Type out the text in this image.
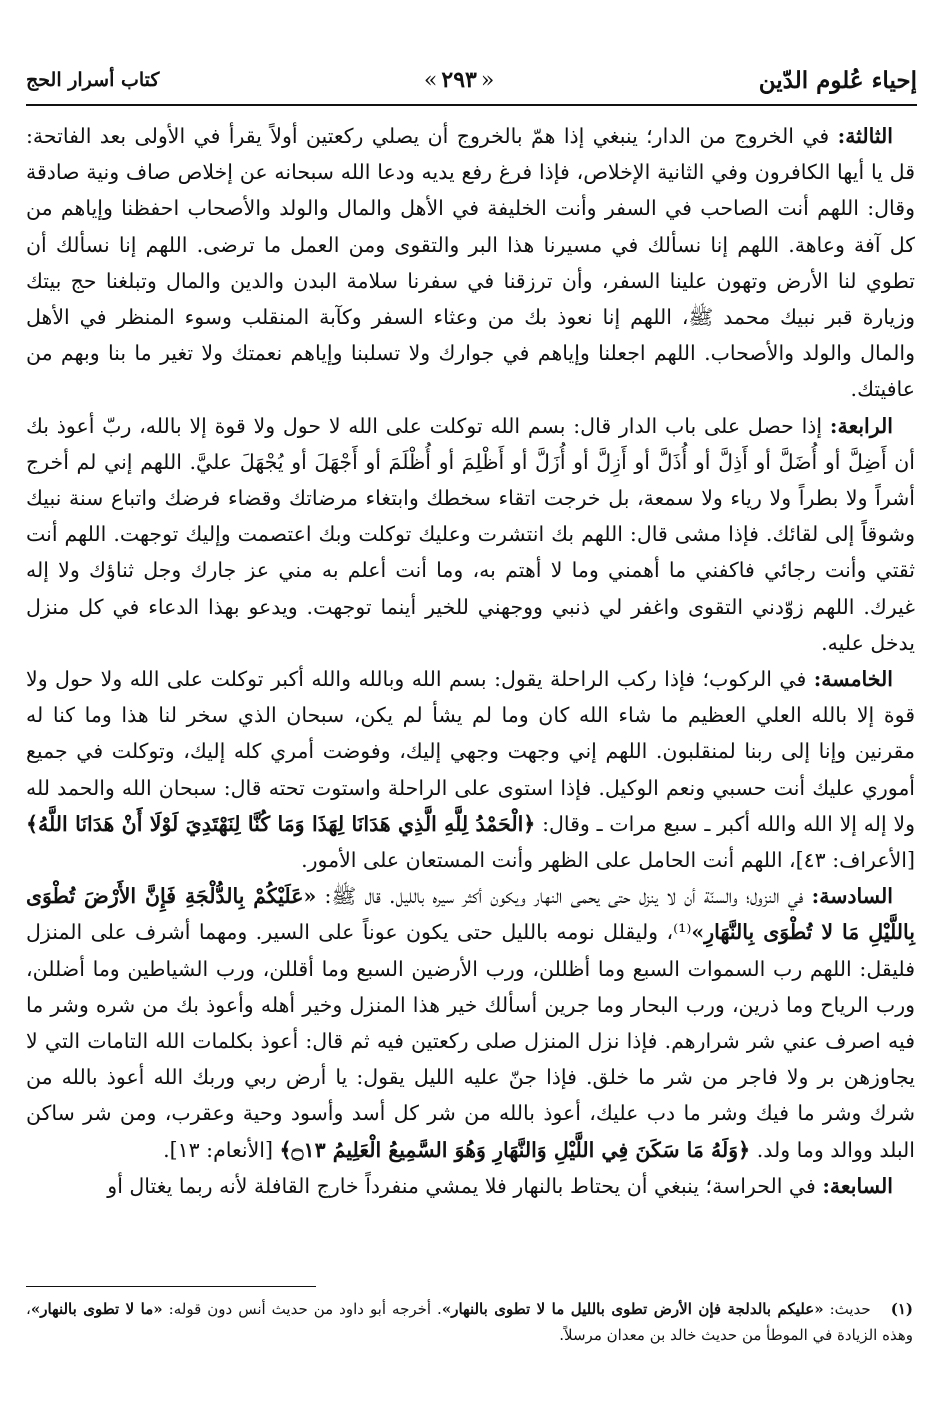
إحياء عُلوم الدّين
« ٢٩٣ »
كتاب أسرار الحج

الثالثة: في الخروج من الدار؛ ينبغي إذا همّ بالخروج أن يصلي ركعتين أولاً يقرأ في الأولى بعد الفاتحة: قل يا أيها الكافرون وفي الثانية الإخلاص، فإذا فرغ رفع يديه ودعا الله سبحانه عن إخلاص صاف ونية صادقة وقال: اللهم أنت الصاحب في السفر وأنت الخليفة في الأهل والمال والولد والأصحاب احفظنا وإياهم من كل آفة وعاهة. اللهم إنا نسألك في مسيرنا هذا البر والتقوى ومن العمل ما ترضى. اللهم إنا نسألك أن تطوي لنا الأرض وتهون علينا السفر، وأن ترزقنا في سفرنا سلامة البدن والدين والمال وتبلغنا حج بيتك وزيارة قبر نبيك محمد ﷺ، اللهم إنا نعوذ بك من وعثاء السفر وكآبة المنقلب وسوء المنظر في الأهل والمال والولد والأصحاب. اللهم اجعلنا وإياهم في جوارك ولا تسلبنا وإياهم نعمتك ولا تغير ما بنا وبهم من عافيتك.

الرابعة: إذا حصل على باب الدار قال: بسم الله توكلت على الله لا حول ولا قوة إلا بالله، ربّ أعوذ بك أن أَضِلَّ أو أُضَلَّ أو أَذِلَّ أو أُذَلَّ أو أَزِلَّ أو أُزَلَّ أو أَظْلِمَ أو أُظْلَمَ أو أَجْهَلَ أو يُجْهَلَ عليَّ. اللهم إني لم أخرج أشراً ولا بطراً ولا رياء ولا سمعة، بل خرجت اتقاء سخطك وابتغاء مرضاتك وقضاء فرضك واتباع سنة نبيك وشوقاً إلى لقائك. فإذا مشى قال: اللهم بك انتشرت وعليك توكلت وبك اعتصمت وإليك توجهت. اللهم أنت ثقتي وأنت رجائي فاكفني ما أهمني وما لا أهتم به، وما أنت أعلم به مني عز جارك وجل ثناؤك ولا إله غيرك. اللهم زوّدني التقوى واغفر لي ذنبي ووجهني للخير أينما توجهت. ويدعو بهذا الدعاء في كل منزل يدخل عليه.

الخامسة: في الركوب؛ فإذا ركب الراحلة يقول: بسم الله وبالله والله أكبر توكلت على الله ولا حول ولا قوة إلا بالله العلي العظيم ما شاء الله كان وما لم يشأ لم يكن، سبحان الذي سخر لنا هذا وما كنا له مقرنين وإنا إلى ربنا لمنقلبون. اللهم إني وجهت وجهي إليك، وفوضت أمري كله إليك، وتوكلت في جميع أموري عليك أنت حسبي ونعم الوكيل. فإذا استوى على الراحلة واستوت تحته قال: سبحان الله والحمد لله ولا إله إلا الله والله أكبر ـ سبع مرات ـ وقال: ﴿الْحَمْدُ لِلَّهِ الَّذِي هَدَانَا لِهَذَا وَمَا كُنَّا لِنَهْتَدِيَ لَوْلَا أَنْ هَدَانَا اللَّهُ﴾ [الأعراف: ٤٣]، اللهم أنت الحامل على الظهر وأنت المستعان على الأمور.

السادسة: في النزول؛ والسنّة أن لا ينزل حتى يحمى النهار ويكون أكثر سيره بالليل. قال ﷺ: «عَلَيْكُمْ بِالدُّلْجَةِ فَإِنَّ الأَرْضَ تُطْوَى بِاللَّيْلِ مَا لا تُطْوَى بِالنَّهَارِ»⁽¹⁾، وليقلل نومه بالليل حتى يكون عوناً على السير. ومهما أشرف على المنزل فليقل: اللهم رب السموات السبع وما أظللن، ورب الأرضين السبع وما أقللن، ورب الشياطين وما أضللن، ورب الرياح وما ذرين، ورب البحار وما جرين أسألك خير هذا المنزل وخير أهله وأعوذ بك من شره وشر ما فيه اصرف عني شر شرارهم. فإذا نزل المنزل صلى ركعتين فيه ثم قال: أعوذ بكلمات الله التامات التي لا يجاوزهن بر ولا فاجر من شر ما خلق. فإذا جنّ عليه الليل يقول: يا أرض ربي وربك الله أعوذ بالله من شرك وشر ما فيك وشر ما دب عليك، أعوذ بالله من شر كل أسد وأسود وحية وعقرب، ومن شر ساكن البلد ووالد وما ولد. ﴿وَلَهُ مَا سَكَنَ فِي اللَّيْلِ وَالنَّهَارِ وَهُوَ السَّمِيعُ الْعَلِيمُ ۝١٣﴾ [الأنعام: ١٣].

السابعة: في الحراسة؛ ينبغي أن يحتاط بالنهار فلا يمشي منفرداً خارج القافلة لأنه ربما يغتال أو

(١) حديث: «عليكم بالدلجة فإن الأرض تطوى بالليل ما لا تطوى بالنهار». أخرجه أبو داود من حديث أنس دون قوله: «ما لا تطوى بالنهار»، وهذه الزيادة في الموطأ من حديث خالد بن معدان مرسلاً.
